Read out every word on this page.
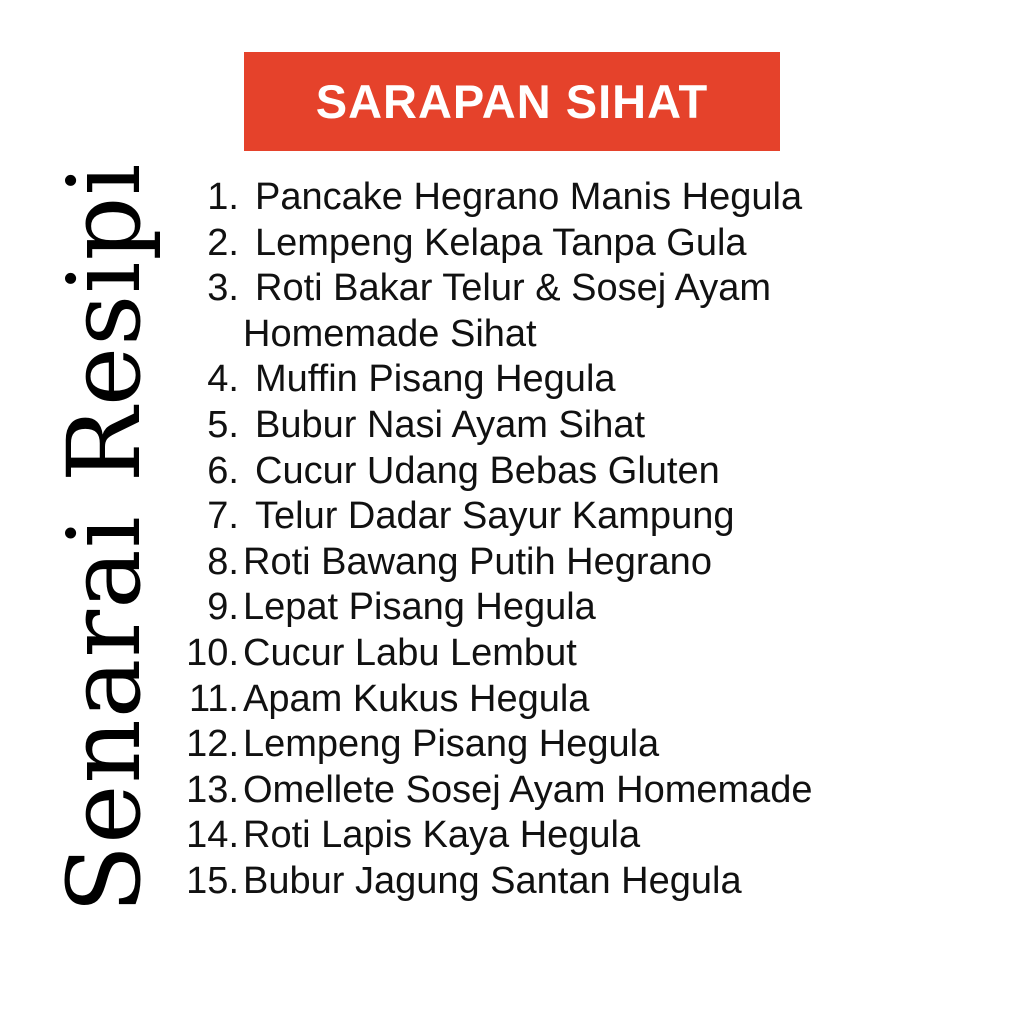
SARAPAN SIHAT
Senarai Resipi	1. Pancake Hegrano Manis Hegula
2. Lempeng Kelapa Tanpa Gula
3. Roti Bakar Telur & Sosej Ayam
Homemade Sihat
4. Muffin Pisang Hegula
5. Bubur Nasi Ayam Sihat
6. Cucur Udang Bebas Gluten
7. Telur Dadar Sayur Kampung
8. Roti Bawang Putih Hegrano
9. Lepat Pisang Hegula
10. Cucur Labu Lembut
11. Apam Kukus Hegula
12. Lempeng Pisang Hegula
13. Omellete Sosej Ayam Homemade
14. Roti Lapis Kaya Hegula
15. Bubur Jagung Santan Hegula
